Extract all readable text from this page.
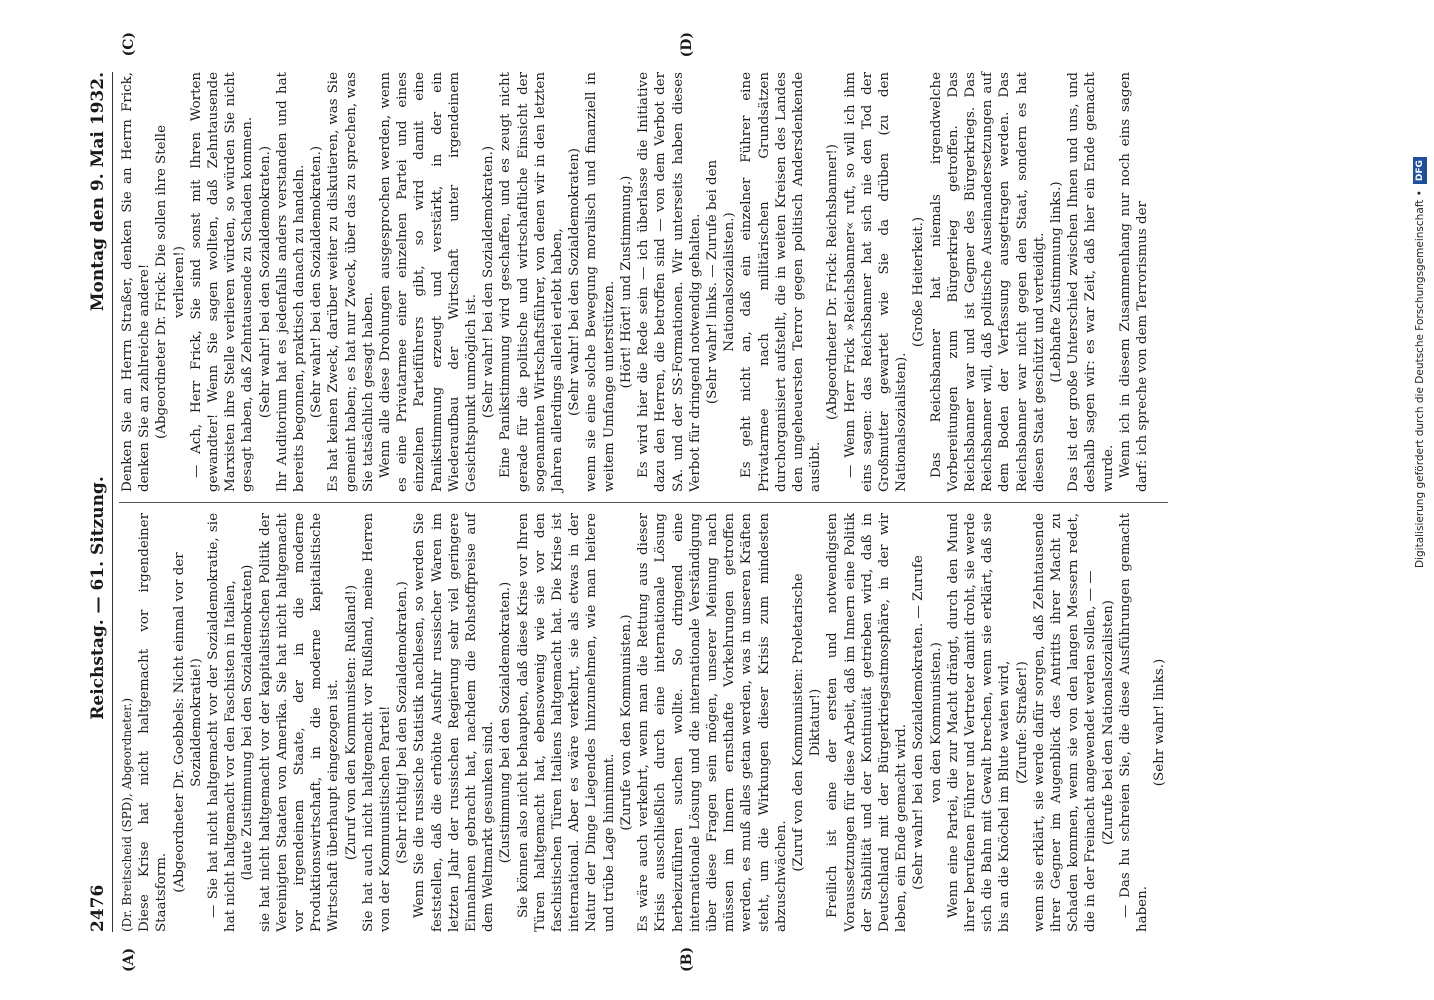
2476
Reichstag. — 61. Sitzung.
Montag den 9. Mai 1932.

(Dr. Breitscheid (SPD), Abgeordneter.) Diese Krise hat nicht haltgemacht vor irgendeiner Staatsform. (Abgeordneter Dr. Goebbels: Nicht einmal vor der Sozialdemokratie!) — Sie hat nicht haltgemacht vor der Sozialdemokratie, sie hat nicht haltgemacht vor den Faschisten in Italien, (laute Zustimmung bei den Sozialdemokraten) sie hat nicht haltgemacht vor der kapitalistischen Politik der Vereinigten Staaten von Amerika. Sie hat nicht haltgemacht vor irgendeinem Staate, der in die moderne Produktionswirtschaft, in die moderne kapitalistische Wirtschaft überhaupt eingezogen ist. (Zuruf von den Kommunisten: Rußland!) Sie hat auch nicht haltgemacht vor Rußland, meine Herren von der Kommunistischen Partei! (Sehr richtig! bei den Sozialdemokraten.) Wenn Sie die russische Statistik nachlesen, so werden Sie feststellen, daß die erhöhte Ausfuhr russischer Waren im letzten Jahr der russischen Regierung sehr viel geringere Einnahmen gebracht hat, nachdem die Rohstoffpreise auf dem Weltmarkt gesunken sind. (Zustimmung bei den Sozialdemokraten.) Sie können also nicht behaupten, daß diese Krise vor Ihren Türen haltgemacht hat, ebensowenig wie sie vor den faschistischen Türen Italiens haltgemacht hat. Die Krise ist international. Aber es wäre verkehrt, sie als etwas in der Natur der Dinge Liegendes hinzunehmen, wie man heitere und trübe Lage hinnimmt.

(Zurufe von den Kommunisten.) Es wäre auch verkehrt, wenn man die Rettung aus dieser Krisis ausschließlich durch eine internationale Lösung herbeizuführen suchen wollte. So dringend eine internationale Lösung und die internationale Verständigung über diese Fragen sein mögen, unserer Meinung nach müssen im Innern ernsthafte Vorkehrungen getroffen werden, es muß alles getan werden, was in unseren Kräften steht, um die Wirkungen dieser Krisis zum mindesten abzuschwächen.

(Zuruf von den Kommunisten: Proletarische Diktatur!) Freilich ist eine der ersten und notwendigsten Voraussetzungen für diese Arbeit, daß im Innern eine Politik der Stabilität und der Kontinuität getrieben wird, daß in Deutschland mit der Bürgerkriegsatmosphäre, in der wir leben, ein Ende gemacht wird. (Sehr wahr! bei den Sozialdemokraten. — Zurufe von den Kommunisten.) Wenn eine Partei, die zur Macht drängt, durch den Mund ihrer berufenen Führer und Vertreter damit droht, sie werde sich die Bahn mit Gewalt brechen, wenn sie erklärt, daß sie bis an die Knöchel im Blute waten wird, (Zurufe: Straßer!) wenn sie erklärt, sie werde dafür sorgen, daß Zehntausende ihrer Gegner im Augenblick des Antritts ihrer Macht zu Schaden kommen, wenn sie von den langen Messern redet, die in der Freinacht angewendet werden sollen, — — (Zurufe bei den Nationalsozialisten) — Das hu schreien Sie, die diese Ausführungen gemacht haben.

(Sehr wahr! links.)

Denken Sie an Herrn Straßer, denken Sie an Herrn Frick, denken Sie an zahlreiche andere! (Abgeordneter Dr. Frick: Die sollen ihre Stelle verlieren!) — Ach, Herr Frick, Sie sind sonst mit Ihren Worten gewandter! Wenn Sie sagen wollten, daß Zehntausende Marxisten ihre Stelle verlieren würden, so würden Sie nicht gesagt haben, daß Zehntausende zu Schaden kommen. (Sehr wahr! bei den Sozialdemokraten.) Ihr Auditorium hat es jedenfalls anders verstanden und hat bereits begonnen, praktisch danach zu handeln. (Sehr wahr! bei den Sozialdemokraten.) Es hat keinen Zweck, darüber weiter zu diskutieren, was Sie gemeint haben; es hat nur Zweck, über das zu sprechen, was Sie tatsächlich gesagt haben. Wenn alle diese Drohungen ausgesprochen werden, wenn es eine Privatarmee einer einzelnen Partei und eines einzelnen Parteiführers gibt, so wird damit eine Panikstimmung erzeugt und verstärkt, in der ein Wiederaufbau der Wirtschaft unter irgendeinem Gesichtspunkt unmöglich ist. (Sehr wahr! bei den Sozialdemokraten.) Eine Panikstimmung wird geschaffen, und es zeugt nicht gerade für die politische und wirtschaftliche Einsicht der sogenannten Wirtschaftsführer, von denen wir in den letzten Jahren allerdings allerlei erlebt haben, (Sehr wahr! bei den Sozialdemokraten) wenn sie eine solche Bewegung moralisch und finanziell in weitem Umfange unterstützen. (Hört! Hört! und Zustimmung.) Es wird hier die Rede sein — ich überlasse die Initiative dazu den Herren, die betroffen sind — von dem Verbot der SA. und der SS-Formationen. Wir unterseits haben dieses Verbot für dringend notwendig gehalten. (Sehr wahr! links. — Zurufe bei den Nationalsozialisten.) Es geht nicht an, daß ein einzelner Führer eine Privatarmee nach militärischen Grundsätzen durchorganisiert aufstellt, die in weiten Kreisen des Landes den ungeheuersten Terror gegen politisch Andersdenkende ausübt.

(Abgeordneter Dr. Frick: Reichsbanner!) — Wenn Herr Frick »Reichsbanner« ruft, so will ich ihm eins sagen: das Reichsbanner hat sich nie den Tod der Großmutter gewartet wie Sie da drüben (zu den Nationalsozialisten).

(Große Heiterkeit.) Das Reichsbanner hat niemals irgendwelche Vorbereitungen zum Bürgerkrieg getroffen. Das Reichsbanner war und ist Gegner des Bürgerkriegs. Das Reichsbanner will, daß politische Auseinandersetzungen auf dem Boden der Verfassung ausgetragen werden. Das Reichsbanner war nicht gegen den Staat, sondern es hat diesen Staat geschützt und verteidigt. (Lebhafte Zustimmung links.) Das ist der große Unterschied zwischen Ihnen und uns, und deshalb sagen wir: es war Zeit, daß hier ein Ende gemacht wurde. Wenn ich in diesem Zusammenhang nur noch eins sagen darf: ich spreche von dem Terrorismus der

(A)	(B)
(C)	(D)
Digitalisierung gefördert durch die Deutsche Forschungsgemeinschaft •
DFG
